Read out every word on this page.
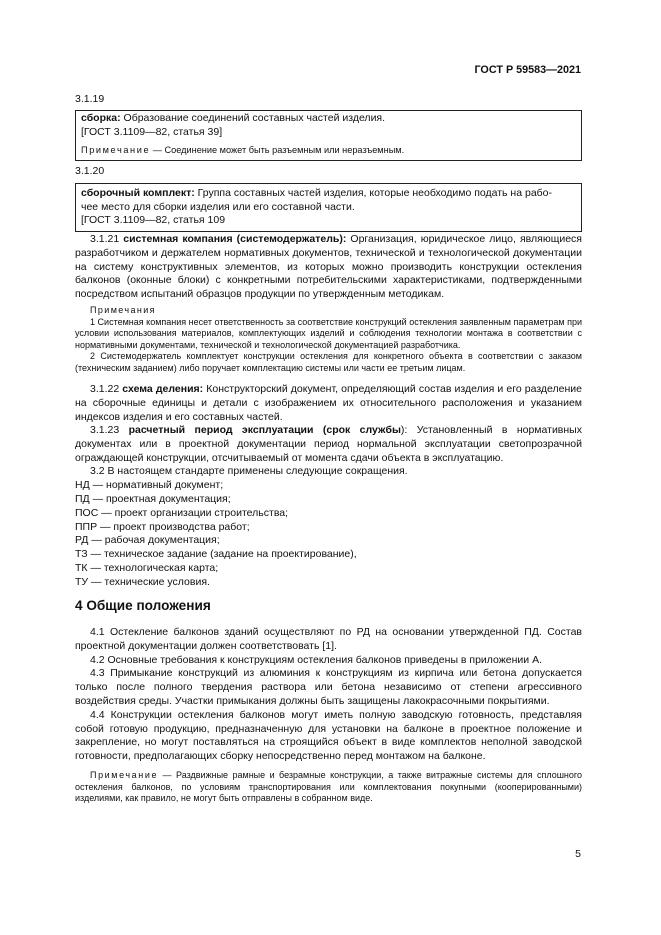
ГОСТ Р 59583—2021

3.1.19

сборка: Образование соединений составных частей изделия.

[ГОСТ 3.1109—82, статья 39]

Примечание — Соединение может быть разъемным или неразъемным.

3.1.20

сборочный комплект: Группа составных частей изделия, которые необходимо подать на рабо-

чее место для сборки изделия или его составной части.

[ГОСТ 3.1109—82, статья 109

3.1.21 системная компания (системодержатель): Организация, юридическое лицо, являющиеся разработчиком и держателем нормативных документов, технической и технологической документации на систему конструктивных элементов, из которых можно производить конструкции остекления балконов (оконные блоки) с конкретными потребительскими характеристиками, подтвержденными посредством испытаний образцов продукции по утвержденным методикам.

Примечания

1 Системная компания несет ответственность за соответствие конструкций остекления заявленным параметрам при условии использования материалов, комплектующих изделий и соблюдения технологии монтажа в соответствии с нормативными документами, технической и технологической документацией разработчика.

2 Системодержатель комплектует конструкции остекления для конкретного объекта в соответствии с заказом (техническим заданием) либо поручает комплектацию системы или части ее третьим лицам.

3.1.22 схема деления: Конструкторский документ, определяющий состав изделия и его разделение на сборочные единицы и детали с изображением их относительного расположения и указанием индексов изделия и его составных частей.

3.1.23 расчетный период эксплуатации (срок службы): Установленный в нормативных документах или в проектной документации период нормальной эксплуатации светопрозрачной ограждающей конструкции, отсчитываемый от момента сдачи объекта в эксплуатацию.

3.2 В настоящем стандарте применены следующие сокращения.

НД — нормативный документ;

ПД — проектная документация;

ПОС — проект организации строительства;

ППР — проект производства работ;

РД — рабочая документация;

ТЗ — техническое задание (задание на проектирование),

ТК — технологическая карта;

ТУ — технические условия.

4 Общие положения

4.1 Остекление балконов зданий осуществляют по РД на основании утвержденной ПД. Состав проектной документации должен соответствовать [1].

4.2 Основные требования к конструкциям остекления балконов приведены в приложении А.

4.3 Примыкание конструкций из алюминия к конструкциям из кирпича или бетона допускается только после полного твердения раствора или бетона независимо от степени агрессивного воздействия среды. Участки примыкания должны быть защищены лакокрасочными покрытиями.

4.4 Конструкции остекления балконов могут иметь полную заводскую готовность, представляя собой готовую продукцию, предназначенную для установки на балконе в проектное положение и закрепление, но могут поставляться на строящийся объект в виде комплектов неполной заводской готовности, предполагающих сборку непосредственно перед монтажом на балконе.

Примечание — Раздвижные рамные и безрамные конструкции, а также витражные системы для сплошного остекления балконов, по условиям транспортирования или комплектования покупными (кооперированными) изделиями, как правило, не могут быть отправлены в собранном виде.

5
